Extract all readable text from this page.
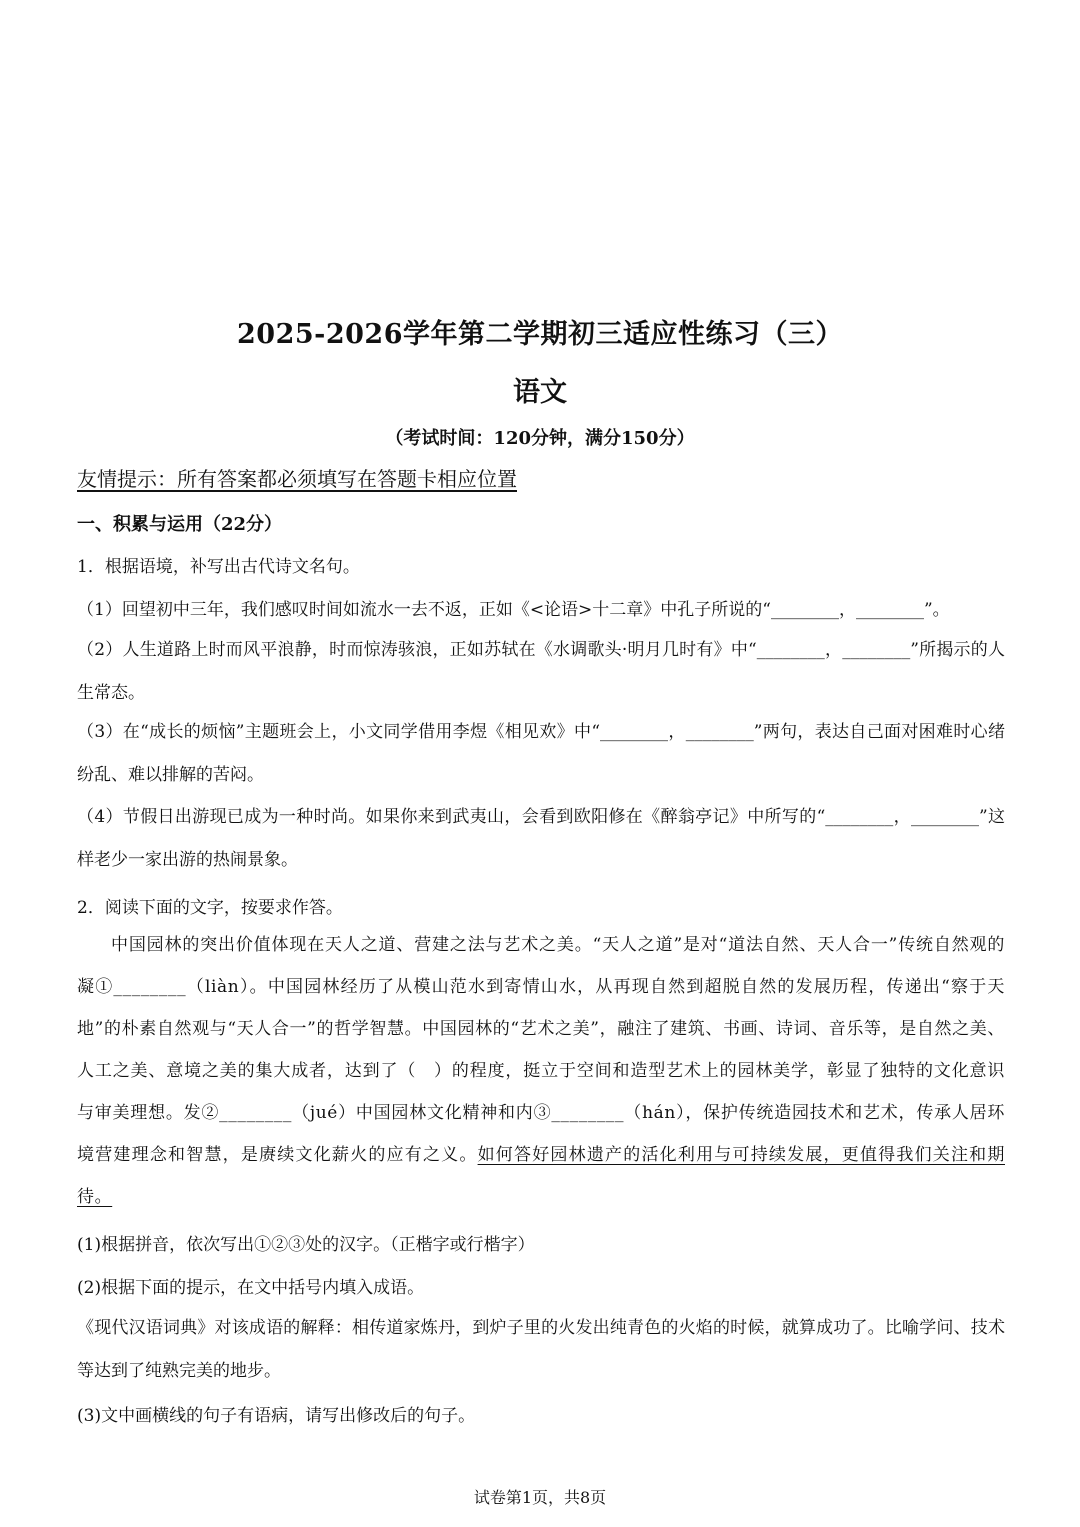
2025-2026学年第二学期初三适应性练习（三）
语文
（考试时间：120分钟，满分150分）
友情提示：所有答案都必须填写在答题卡相应位置
一、积累与运用（22分）
1．根据语境，补写出古代诗文名句。
（1）回望初中三年，我们感叹时间如流水一去不返，正如《<论语>十二章》中孔子所说的“________，________”。
（2）人生道路上时而风平浪静，时而惊涛骇浪，正如苏轼在《水调歌头·明月几时有》中“________，________”所揭示的人生常态。
（3）在“成长的烦恼”主题班会上，小文同学借用李煜《相见欢》中“________，________”两句，表达自己面对困难时心绪纷乱、难以排解的苦闷。
（4）节假日出游现已成为一种时尚。如果你来到武夷山，会看到欧阳修在《醉翁亭记》中所写的“________，________”这样老少一家出游的热闹景象。
2．阅读下面的文字，按要求作答。
中国园林的突出价值体现在天人之道、营建之法与艺术之美。“天人之道”是对“道法自然、天人合一”传统自然观的凝①________（liàn）。中国园林经历了从模山范水到寄情山水，从再现自然到超脱自然的发展历程，传递出“察于天地”的朴素自然观与“天人合一”的哲学智慧。中国园林的“艺术之美”，融注了建筑、书画、诗词、音乐等，是自然之美、人工之美、意境之美的集大成者，达到了（　）的程度，挺立于空间和造型艺术上的园林美学，彰显了独特的文化意识与审美理想。发②________（jué）中国园林文化精神和内③________（hán），保护传统造园技术和艺术，传承人居环境营建理念和智慧，是赓续文化薪火的应有之义。如何答好园林遗产的活化利用与可持续发展，更值得我们关注和期待。
(1)根据拼音，依次写出①②③处的汉字。（正楷字或行楷字）
(2)根据下面的提示，在文中括号内填入成语。
《现代汉语词典》对该成语的解释：相传道家炼丹，到炉子里的火发出纯青色的火焰的时候，就算成功了。比喻学问、技术等达到了纯熟完美的地步。
(3)文中画横线的句子有语病，请写出修改后的句子。
试卷第1页，共8页
